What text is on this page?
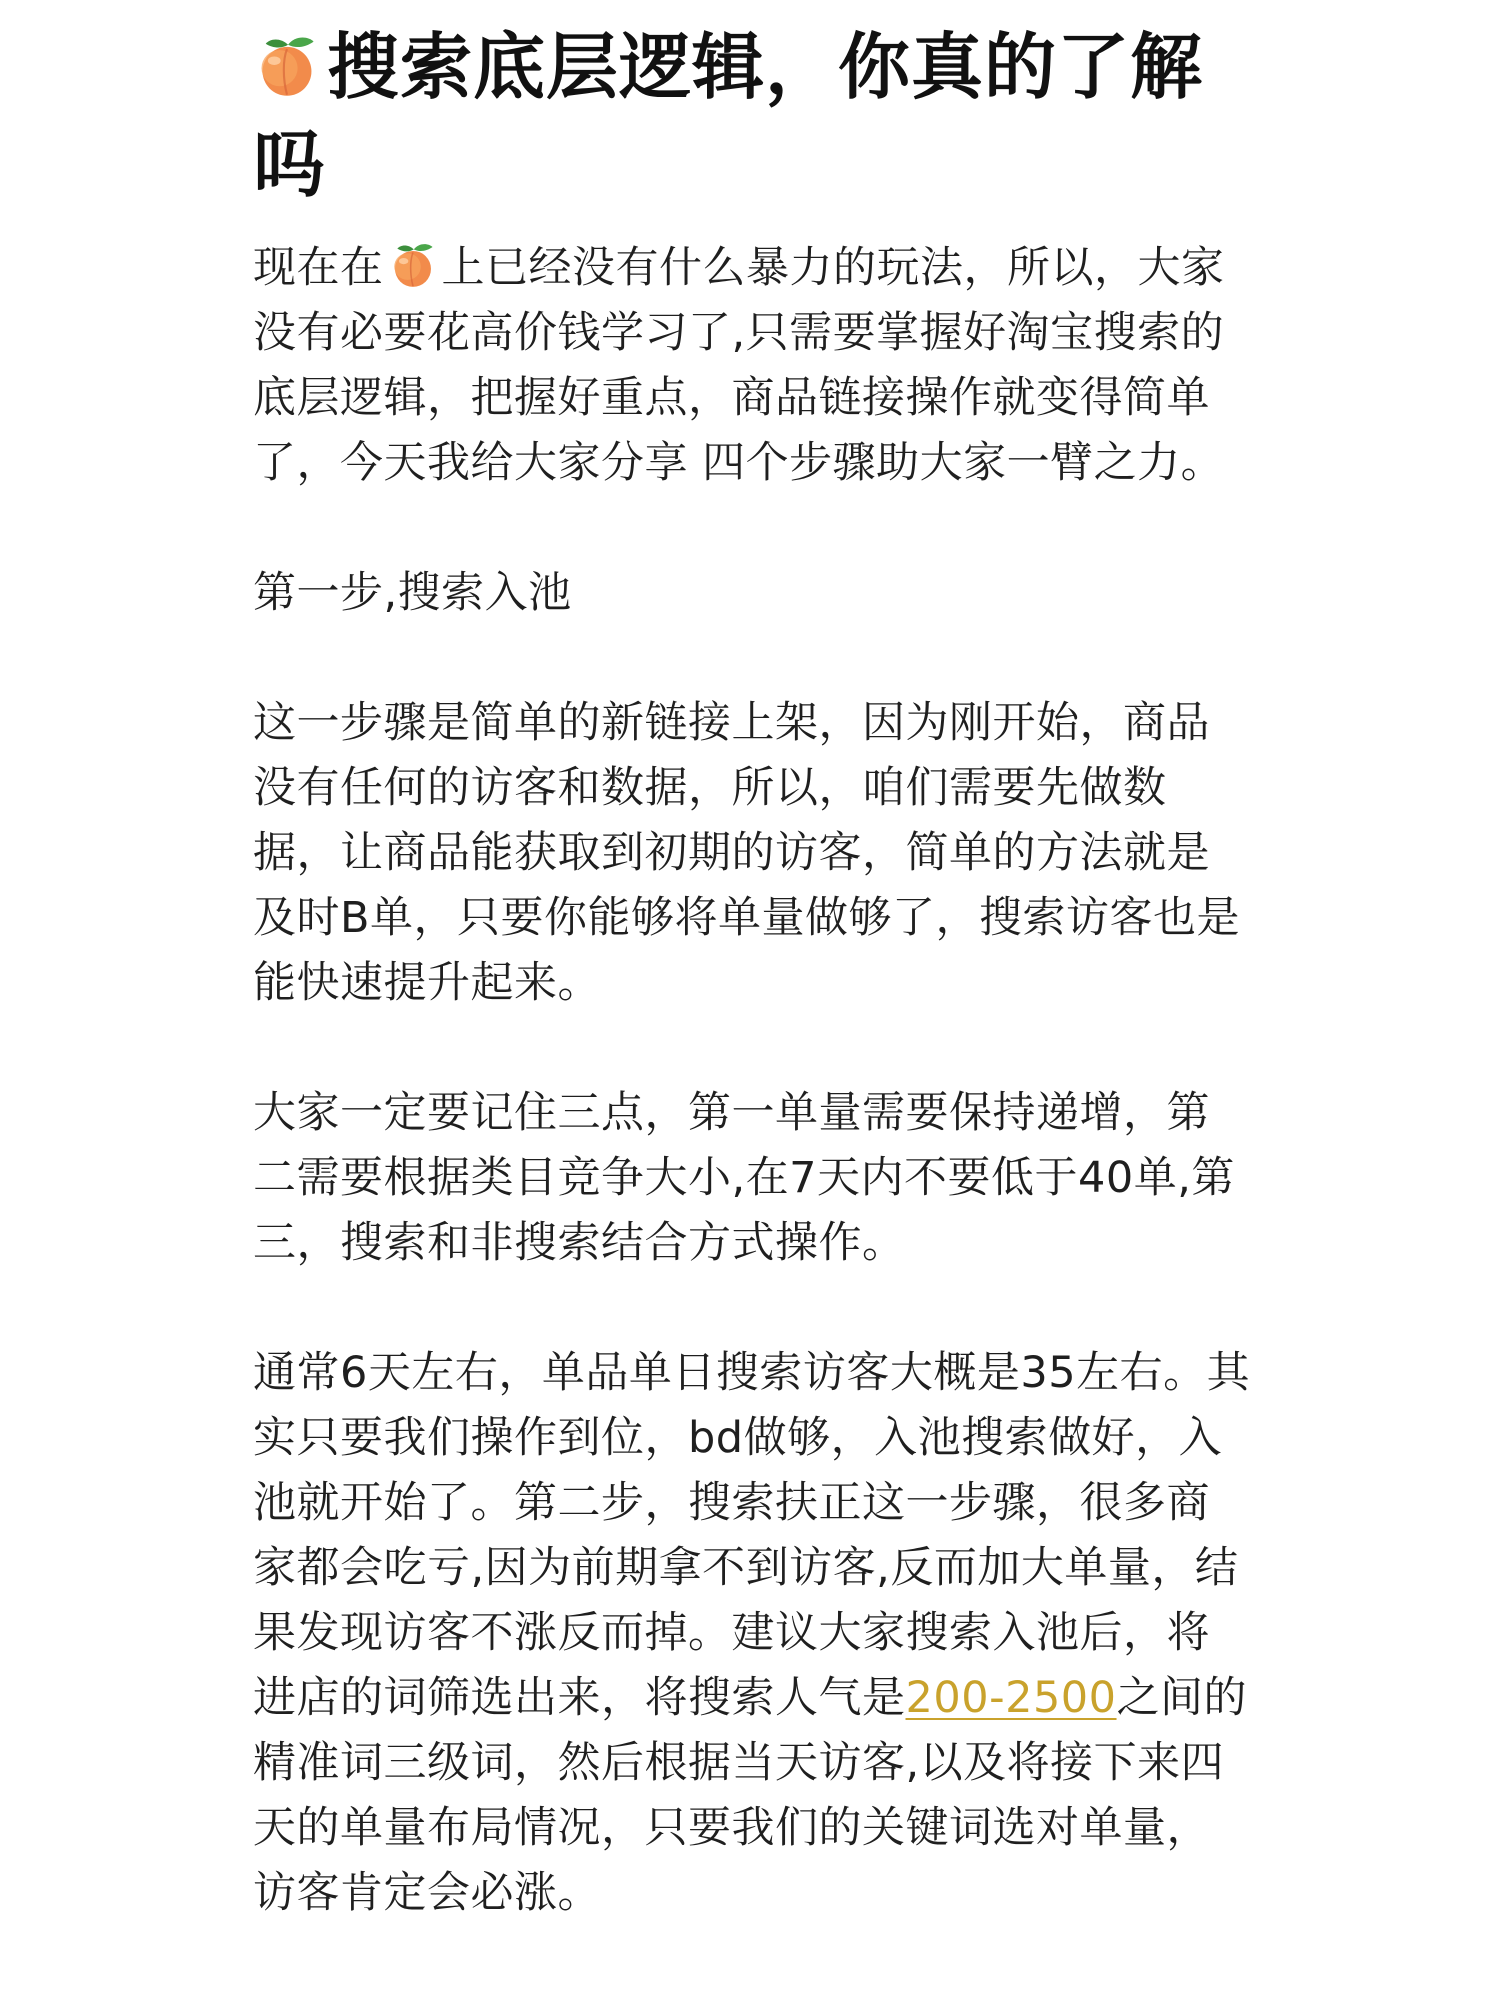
搜索底层逻辑，你真的了解吗

现在在 上已经没有什么暴力的玩法，所以，大家没有必要花高价钱学习了,只需要掌握好淘宝搜索的底层逻辑，把握好重点，商品链接操作就变得简单了，今天我给大家分享 四个步骤助大家一臂之力。

第一步,搜索入池

这一步骤是简单的新链接上架，因为刚开始，商品没有任何的访客和数据，所以，咱们需要先做数据，让商品能获取到初期的访客，简单的方法就是及时B单，只要你能够将单量做够了，搜索访客也是能快速提升起来。

大家一定要记住三点，第一单量需要保持递增，第二需要根据类目竞争大小,在7天内不要低于40单,第三，搜索和非搜索结合方式操作。

通常6天左右，单品单日搜索访客大概是35左右。其实只要我们操作到位，bd做够，入池搜索做好，入池就开始了。第二步，搜索扶正这一步骤，很多商家都会吃亏,因为前期拿不到访客,反而加大单量，结果发现访客不涨反而掉。建议大家搜索入池后，将进店的词筛选出来，将搜索人气是200-2500之间的精准词三级词，然后根据当天访客,以及将接下来四天的单量布局情况，只要我们的关键词选对单量，访客肯定会必涨。
